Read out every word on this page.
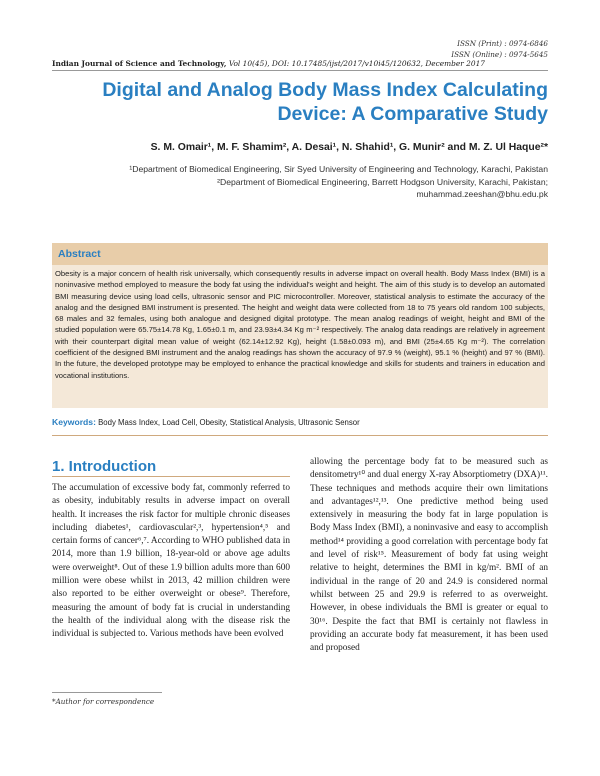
ISSN (Print) : 0974-6846
ISSN (Online) : 0974-5645
Indian Journal of Science and Technology, Vol 10(45), DOI: 10.17485/ijst/2017/v10i45/120632, December 2017
Digital and Analog Body Mass Index Calculating Device: A Comparative Study
S. M. Omair¹, M. F. Shamim², A. Desai¹, N. Shahid¹, G. Munir² and M. Z. Ul Haque²*
¹Department of Biomedical Engineering, Sir Syed University of Engineering and Technology, Karachi, Pakistan
²Department of Biomedical Engineering, Barrett Hodgson University, Karachi, Pakistan;
muhammad.zeeshan@bhu.edu.pk
Abstract

Obesity is a major concern of health risk universally, which consequently results in adverse impact on overall health. Body Mass Index (BMI) is a noninvasive method employed to measure the body fat using the individual's weight and height. The aim of this study is to develop an automated BMI measuring device using load cells, ultrasonic sensor and PIC microcontroller. Moreover, statistical analysis to estimate the accuracy of the analog and the designed BMI instrument is presented. The height and weight data were collected from 18 to 75 years old random 100 subjects, 68 males and 32 females, using both analogue and designed digital prototype. The mean analog readings of weight, height and BMI of the studied population were 65.75±14.78 Kg, 1.65±0.1 m, and 23.93±4.34 Kg m⁻² respectively. The analog data readings are relatively in agreement with their counterpart digital mean value of weight (62.14±12.92 Kg), height (1.58±0.093 m), and BMI (25±4.65 Kg m⁻²). The correlation coefficient of the designed BMI instrument and the analog readings has shown the accuracy of 97.9 % (weight), 95.1 % (height) and 97 % (BMI). In the future, the developed prototype may be employed to enhance the practical knowledge and skills for students and trainers in education and vocational institutions.

Keywords: Body Mass Index, Load Cell, Obesity, Statistical Analysis, Ultrasonic Sensor
1. Introduction

The accumulation of excessive body fat, commonly referred to as obesity, indubitably results in adverse impact on overall health. It increases the risk factor for multiple chronic diseases including diabetes¹, cardiovascular²,³, hypertension⁴,⁵ and certain forms of cancer⁶,⁷. According to WHO published data in 2014, more than 1.9 billion, 18-year-old or above age adults were overweight⁸. Out of these 1.9 billion adults more than 600 million were obese whilst in 2013, 42 million children were also reported to be either overweight or obese⁹. Therefore, measuring the amount of body fat is crucial in understanding the health of the individual along with the disease risk the individual is subjected to. Various methods have been evolved

allowing the percentage body fat to be measured such as densitometry¹⁰ and dual energy X-ray Absorptiometry (DXA)¹¹. These techniques and methods acquire their own limitations and advantages¹²,¹³. One predictive method being used extensively in measuring the body fat in large population is Body Mass Index (BMI), a noninvasive and easy to accomplish method¹⁴ providing a good correlation with percentage body fat and level of risk¹⁵. Measurement of body fat using weight relative to height, determines the BMI in kg/m². BMI of an individual in the range of 20 and 24.9 is considered normal whilst between 25 and 29.9 is referred to as overweight. However, in obese individuals the BMI is greater or equal to 30¹⁶. Despite the fact that BMI is certainly not flawless in providing an accurate body fat measurement, it has been used and proposed

*Author for correspondence
